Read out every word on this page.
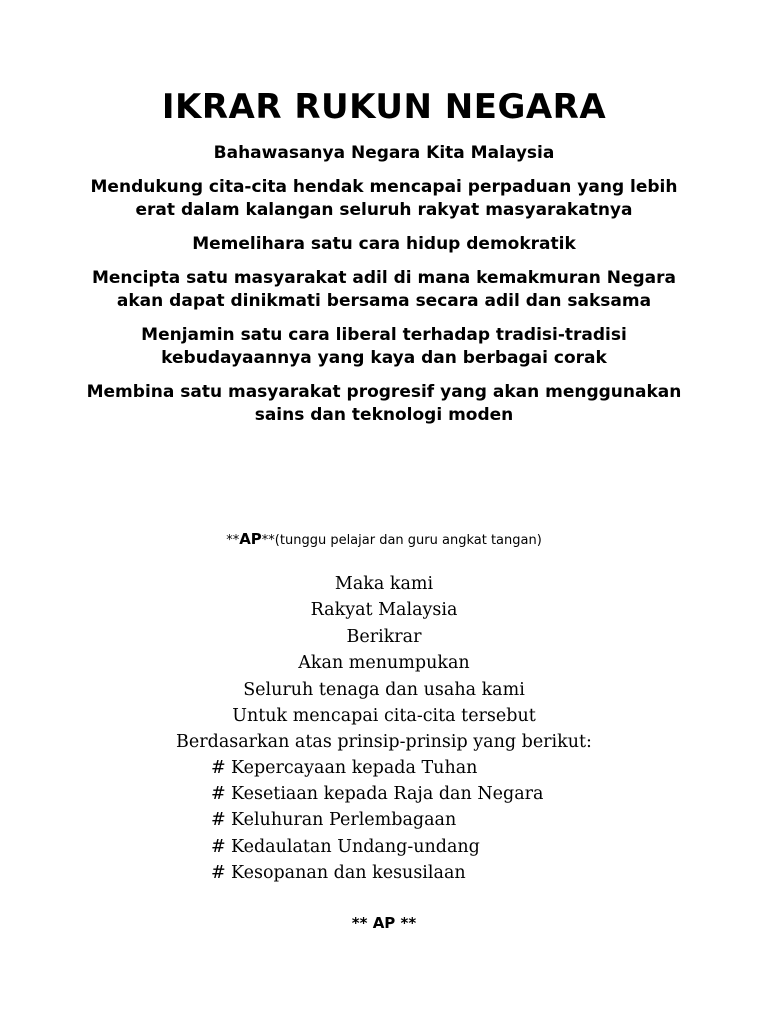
IKRAR RUKUN NEGARA

Bahawasanya Negara Kita Malaysia

Mendukung cita-cita hendak mencapai perpaduan yang lebih erat dalam kalangan seluruh rakyat masyarakatnya

Memelihara satu cara hidup demokratik

Mencipta satu masyarakat adil di mana kemakmuran Negara akan dapat dinikmati bersama secara adil dan saksama

Menjamin satu cara liberal terhadap tradisi-tradisi kebudayaannya yang kaya dan berbagai corak

Membina satu masyarakat progresif yang akan menggunakan sains dan teknologi moden

**AP**(tunggu pelajar dan guru angkat tangan)
Maka kami
Rakyat Malaysia
Berikrar
Akan menumpukan
Seluruh tenaga dan usaha kami
Untuk mencapai cita-cita tersebut
Berdasarkan atas prinsip-prinsip yang berikut:
# Kepercayaan kepada Tuhan
# Kesetiaan kepada Raja dan Negara
# Keluhuran Perlembagaan
# Kedaulatan Undang-undang
# Kesopanan dan kesusilaan
** AP **
